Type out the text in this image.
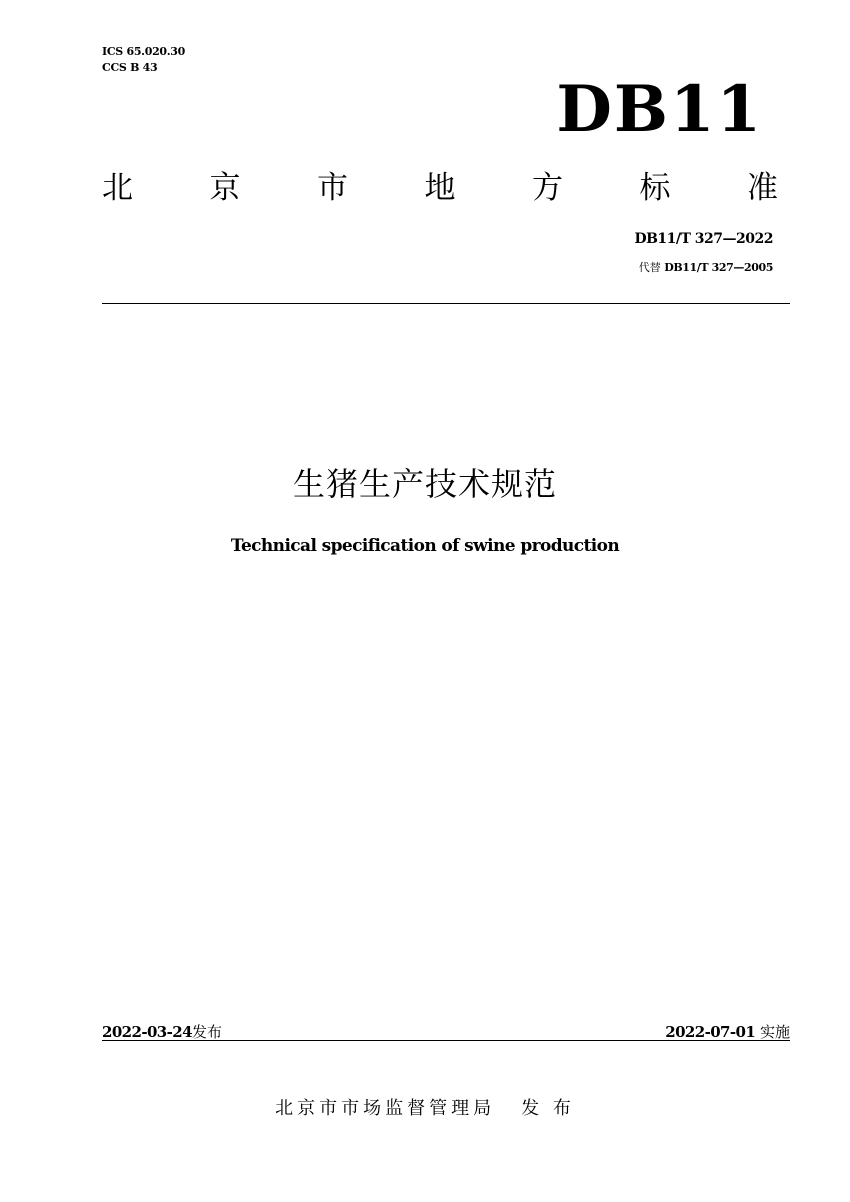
ICS 65.020.30
CCS B 43
DB11
北 京 市 地 方 标 准
DB11/T 327—2022
代替 DB11/T 327—2005
生猪生产技术规范
Technical specification of swine production
2022-03-24发布	2022-07-01 实施
北京市市场监督管理局 发 布
